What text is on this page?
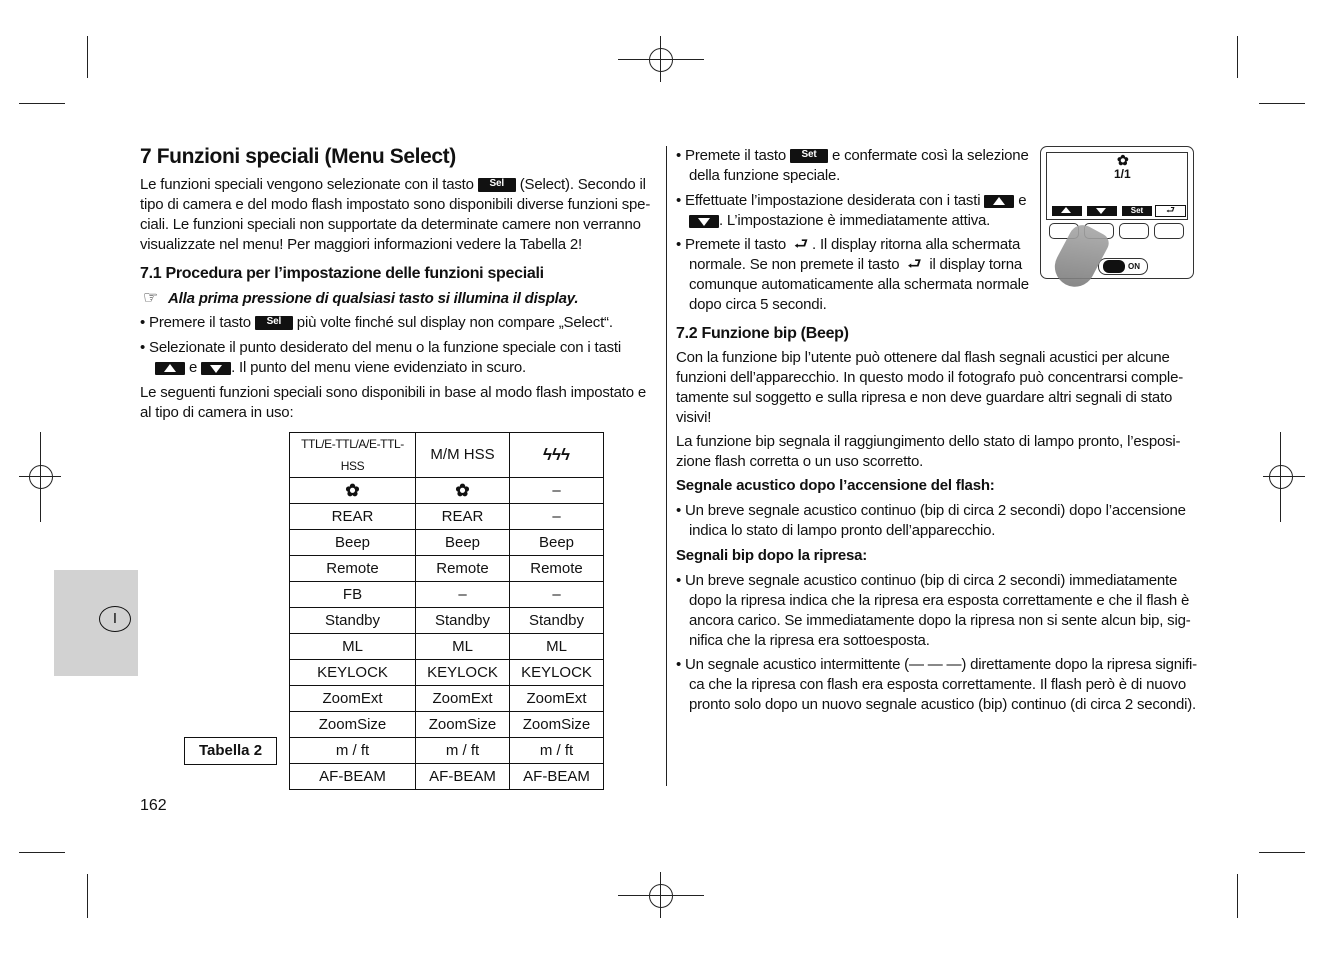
I
7 Funzioni speciali (Menu Select)
Le funzioni speciali vengono selezionate con il tasto Sel (Select). Secondo il
tipo di camera e del modo flash impostato sono disponibili diverse funzioni spe-
ciali. Le funzioni speciali non supportate da determinate camere non verranno
visualizzate nel menu! Per maggiori informazioni vedere la Tabella 2!
7.1 Procedura per l’impostazione delle funzioni speciali
☞ Alla prima pressione di qualsiasi tasto si illumina il display.
• Premere il tasto Sel più volte finché sul display non compare „Select“.
• Selezionate il punto desiderato del menu o la funzione speciale con i tasti
e
. Il punto del menu viene evidenziato in scuro.
Le seguenti funzioni speciali sono disponibili in base al modo flash impostato e
al tipo di camera in uso:
TTL/E-TTL/A/E-TTL-HSS	M/M HSS	ϟϟϟ
✿	✿	–
REAR	REAR	–
Beep	Beep	Beep
Remote	Remote	Remote
FB	–	–
Standby	Standby	Standby
ML	ML	ML
KEYLOCK	KEYLOCK	KEYLOCK
ZoomExt	ZoomExt	ZoomExt
ZoomSize	ZoomSize	ZoomSize
m / ft	m / ft	m / ft
AF-BEAM	AF-BEAM	AF-BEAM
Tabella 2
162
• Premete il tasto Set e confermate così la selezione
della funzione speciale.
• Effettuate l’impostazione desiderata con i tasti
e
. L’impostazione è immediatamente attiva.
• Premete il tasto ⮐ . Il display ritorna alla schermata
normale. Se non premete il tasto ⮐ il display torna
comunque automaticamente alla schermata normale
dopo circa 5 secondi.
✿
1/1
Set	⮐
ON
7.2 Funzione bip (Beep)
Con la funzione bip l’utente può ottenere dal flash segnali acustici per alcune
funzioni dell’apparecchio. In questo modo il fotografo può concentrarsi comple-
tamente sul soggetto e sulla ripresa e non deve guardare altri segnali di stato
visivi!
La funzione bip segnala il raggiungimento dello stato di lampo pronto, l’esposi-
zione flash corretta o un uso scorretto.
Segnale acustico dopo l’accensione del flash:
• Un breve segnale acustico continuo (bip di circa 2 secondi) dopo l’accensione
indica lo stato di lampo pronto dell’apparecchio.
Segnali bip dopo la ripresa:
• Un breve segnale acustico continuo (bip di circa 2 secondi) immediatamente
dopo la ripresa indica che la ripresa era esposta correttamente e che il flash è
ancora carico. Se immediatamente dopo la ripresa non si sente alcun bip, sig-
nifica che la ripresa era sottoesposta.
• Un segnale acustico intermittente (— — —) direttamente dopo la ripresa signifi-
ca che la ripresa con flash era esposta correttamente. Il flash però è di nuovo
pronto solo dopo un nuovo segnale acustico (bip) continuo (di circa 2 secondi).
